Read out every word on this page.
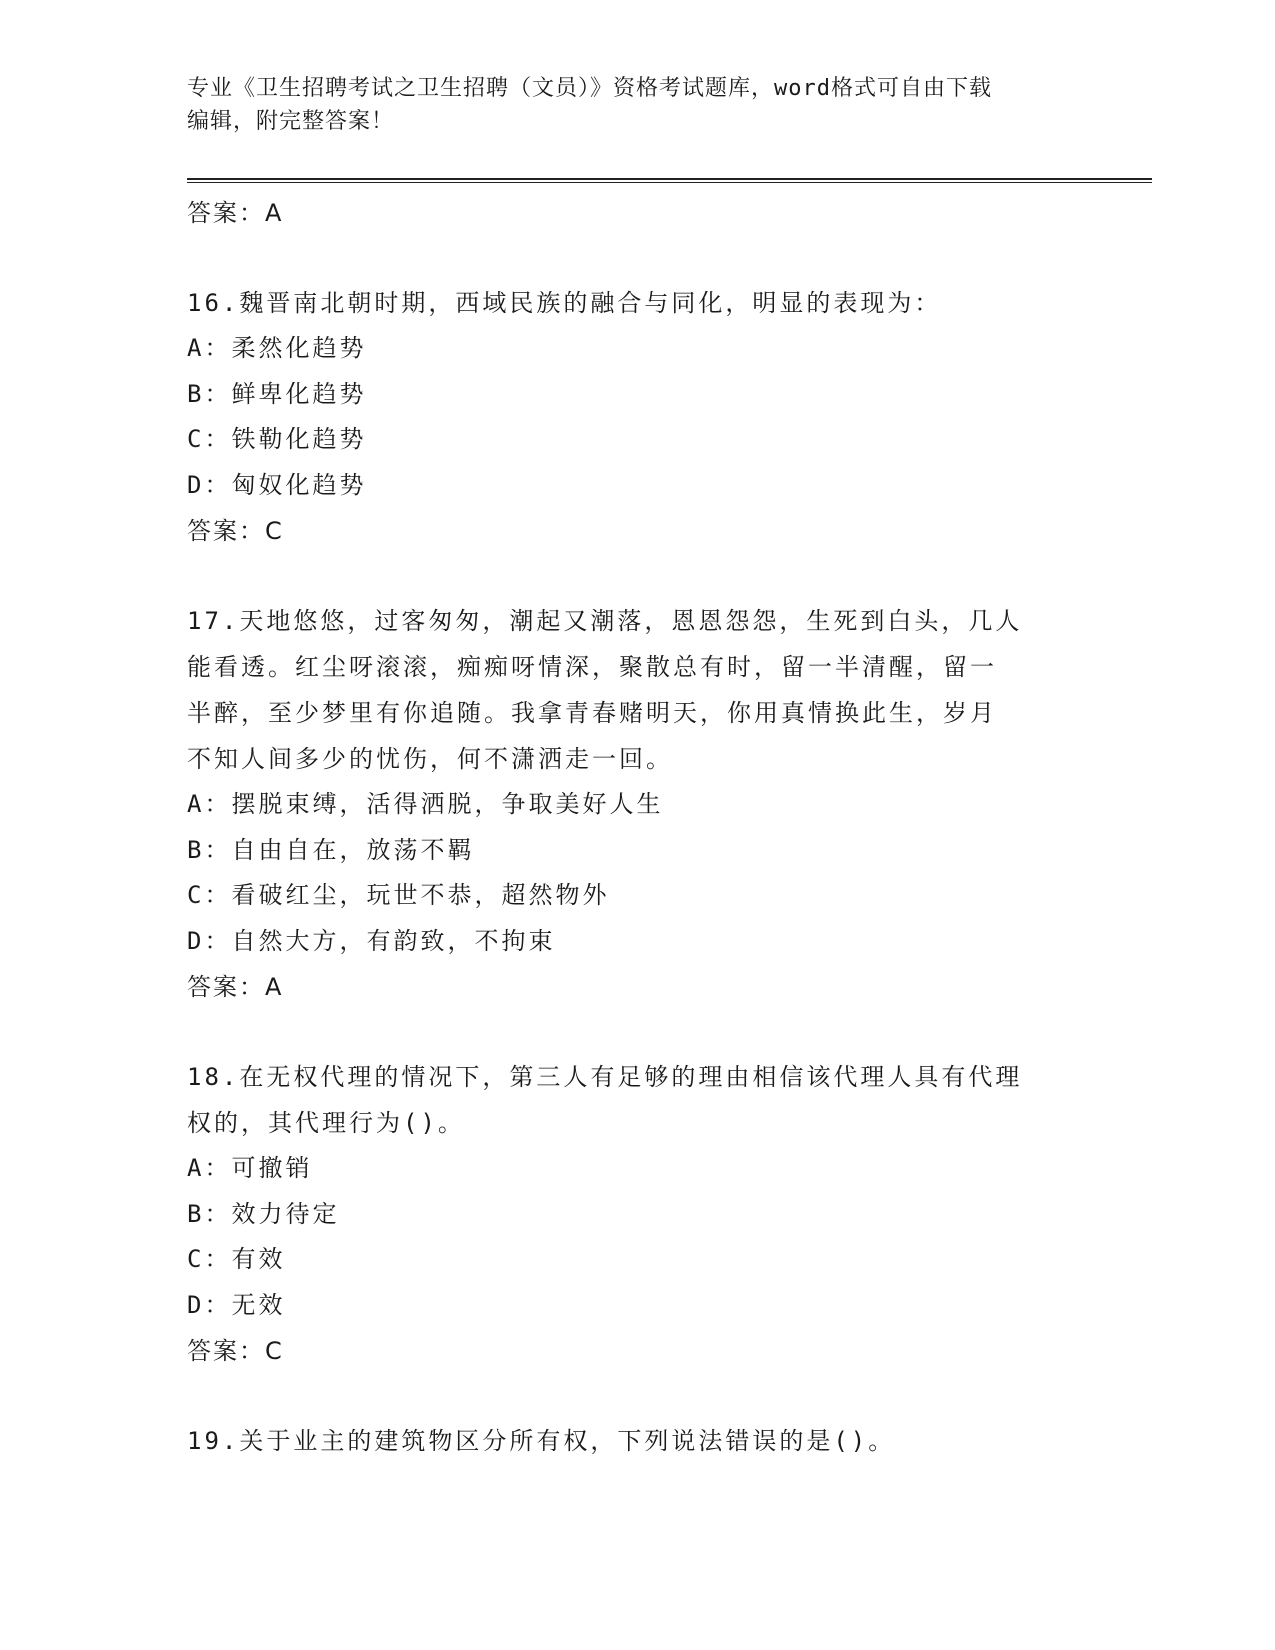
专业《卫生招聘考试之卫生招聘（文员）》资格考试题库，word格式可自由下载
编辑，附完整答案！
答案：A
16.魏晋南北朝时期，西域民族的融合与同化，明显的表现为：
A：柔然化趋势
B：鲜卑化趋势
C：铁勒化趋势
D：匈奴化趋势
答案：C
17.天地悠悠，过客匆匆，潮起又潮落，恩恩怨怨，生死到白头，几人
能看透。红尘呀滚滚，痴痴呀情深，聚散总有时，留一半清醒，留一
半醉，至少梦里有你追随。我拿青春赌明天，你用真情换此生，岁月
不知人间多少的忧伤，何不潇洒走一回。
A：摆脱束缚，活得洒脱，争取美好人生
B：自由自在，放荡不羁
C：看破红尘，玩世不恭，超然物外
D：自然大方，有韵致，不拘束
答案：A
18.在无权代理的情况下，第三人有足够的理由相信该代理人具有代理
权的，其代理行为()。
A：可撤销
B：效力待定
C：有效
D：无效
答案：C
19.关于业主的建筑物区分所有权，下列说法错误的是()。
